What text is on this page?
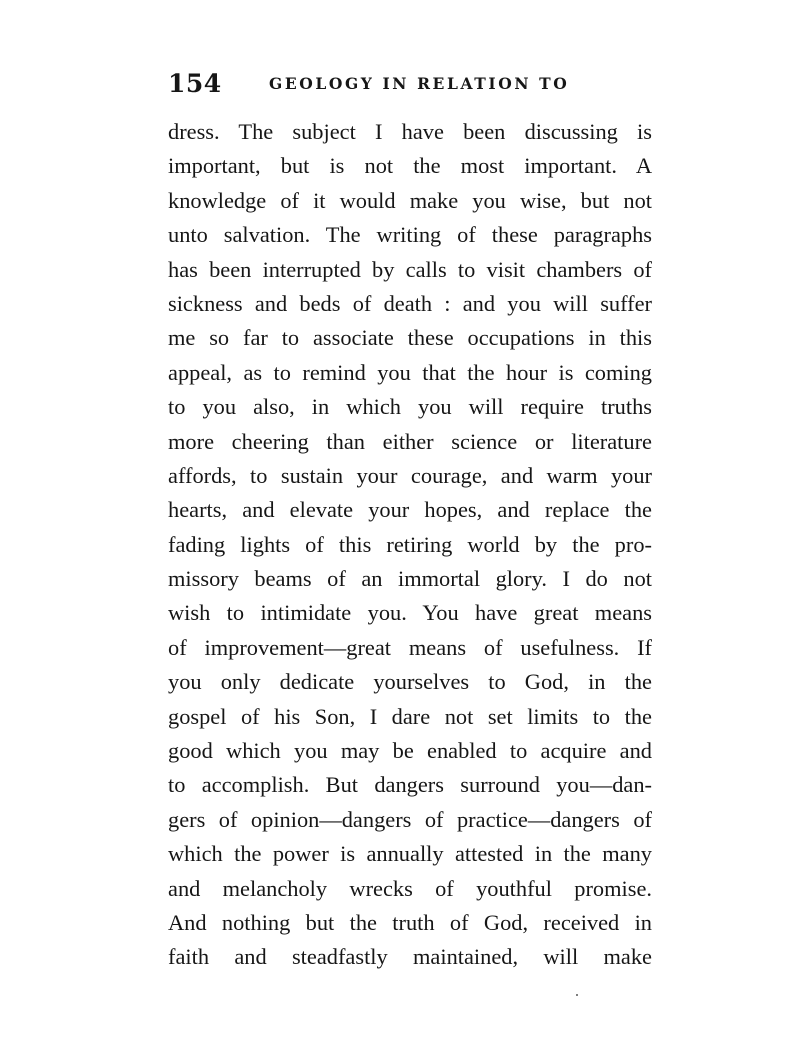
154	GEOLOGY IN RELATION TO
dress. The subject I have been discussing is
important, but is not the most important. A
knowledge of it would make you wise, but not
unto salvation. The writing of these paragraphs
has been interrupted by calls to visit chambers of
sickness and beds of death : and you will suffer
me so far to associate these occupations in this
appeal, as to remind you that the hour is coming
to you also, in which you will require truths
more cheering than either science or literature
affords, to sustain your courage, and warm your
hearts, and elevate your hopes, and replace the
fading lights of this retiring world by the pro-
missory beams of an immortal glory. I do not
wish to intimidate you. You have great means
of improvement—great means of usefulness. If
you only dedicate yourselves to God, in the
gospel of his Son, I dare not set limits to the
good which you may be enabled to acquire and
to accomplish. But dangers surround you—dan-
gers of opinion—dangers of practice—dangers of
which the power is annually attested in the many
and melancholy wrecks of youthful promise.
And nothing but the truth of God, received in
faith and steadfastly maintained, will make
